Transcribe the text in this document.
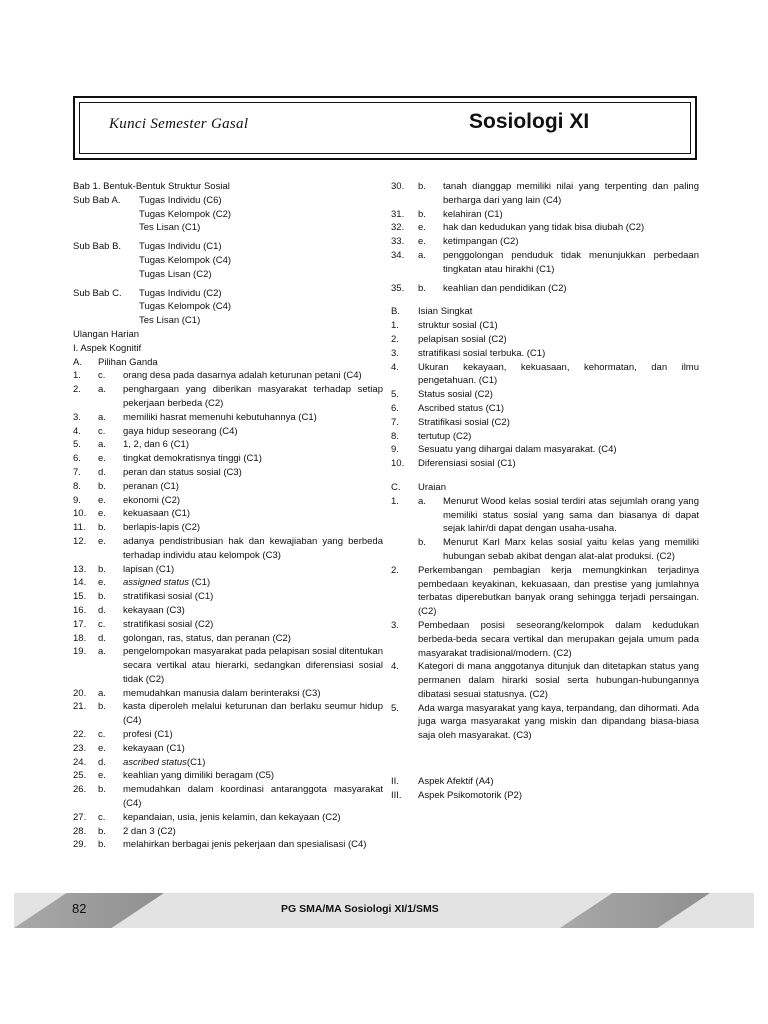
Kunci Semester Gasal	Sosiologi XI
Bab 1. Bentuk-Bentuk Struktur Sosial
Sub Bab A.	Tugas Individu (C6)
Tugas Kelompok (C2)
Tes Lisan (C1)
Sub Bab B.	Tugas Individu (C1)
Tugas Kelompok (C4)
Tugas Lisan (C2)
Sub Bab C.	Tugas Individu (C2)
Tugas Kelompok (C4)
Tes Lisan (C1)
Ulangan Harian
I. Aspek Kognitif
A.	Pilihan Ganda
1.	c.	orang desa pada dasarnya adalah keturunan petani (C4)
2.	a.	penghargaan yang diberikan masyarakat terhadap setiap pekerjaan berbeda (C2)
3.	a.	memiliki hasrat memenuhi kebutuhannya (C1)
4.	c.	gaya hidup seseorang (C4)
5.	a.	1, 2, dan 6 (C1)
6.	e.	tingkat demokratisnya tinggi (C1)
7.	d.	peran dan status sosial (C3)
8.	b.	peranan (C1)
9.	e.	ekonomi (C2)
10.	e.	kekuasaan (C1)
11.	b.	berlapis-lapis (C2)
12.	e.	adanya pendistribusian hak dan kewajiaban yang berbeda terhadap individu atau kelompok (C3)
13.	b.	lapisan (C1)
14.	e.	assigned status (C1)
15.	b.	stratifikasi sosial (C1)
16.	d.	kekayaan (C3)
17.	c.	stratifikasi sosial (C2)
18.	d.	golongan, ras, status, dan peranan (C2)
19.	a.	pengelompokan masyarakat pada pelapisan sosial ditentukan secara vertikal atau hierarki, sedangkan diferensiasi sosial tidak (C2)
20.	a.	memudahkan manusia dalam berinteraksi (C3)
21.	b.	kasta diperoleh melalui keturunan dan berlaku seumur hidup (C4)
22.	c.	profesi (C1)
23.	e.	kekayaan (C1)
24.	d.	ascribed status(C1)
25.	e.	keahlian yang dimiliki beragam (C5)
26.	b.	memudahkan dalam koordinasi antaranggota masyarakat (C4)
27.	c.	kepandaian, usia, jenis kelamin, dan kekayaan (C2)
28.	b.	2 dan 3 (C2)
29.	b.	melahirkan berbagai jenis pekerjaan dan spesialisasi (C4)
30.	b.	tanah dianggap memiliki nilai yang terpenting dan paling berharga dari yang lain (C4)
31.	b.	kelahiran (C1)
32.	e.	hak dan kedudukan yang tidak bisa diubah (C2)
33.	e.	ketimpangan (C2)
34.	a.	penggolongan penduduk tidak menunjukkan perbedaan tingkatan atau hirakhi (C1)
35.	b.	keahlian dan pendidikan (C2)
B.	Isian Singkat
1.	struktur sosial (C1)
2.	pelapisan sosial (C2)
3.	stratifikasi sosial terbuka. (C1)
4.	Ukuran kekayaan, kekuasaan, kehormatan, dan ilmu pengetahuan. (C1)
5.	Status sosial (C2)
6.	Ascribed status (C1)
7.	Stratifikasi sosial (C2)
8.	tertutup (C2)
9.	Sesuatu yang dihargai dalam masyarakat. (C4)
10.	Diferensiasi sosial (C1)
C.	Uraian
1.	a.	Menurut Wood kelas sosial terdiri atas sejumlah orang yang memiliki status sosial yang sama dan biasanya di dapat sejak lahir/di dapat dengan usaha-usaha.
b.	Menurut Karl Marx kelas sosial yaitu kelas yang memiliki hubungan sebab akibat dengan alat-alat produksi. (C2)
2.	Perkembangan pembagian kerja memungkinkan terjadinya pembedaan keyakinan, kekuasaan, dan prestise yang jumlahnya terbatas diperebutkan banyak orang sehingga terjadi persaingan. (C2)
3.	Pembedaan posisi seseorang/kelompok dalam kedudukan berbeda-beda secara vertikal dan merupakan gejala umum pada masyarakat tradisional/modern. (C2)
4.	Kategori di mana anggotanya ditunjuk dan ditetapkan status yang permanen dalam hirarki sosial serta hubungan-hubungannya dibatasi sesuai statusnya. (C2)
5.	Ada warga masyarakat yang kaya, terpandang, dan dihormati. Ada juga warga masyarakat yang miskin dan dipandang biasa-biasa saja oleh masyarakat. (C3)
II.	Aspek Afektif (A4)
III.	Aspek Psikomotorik (P2)
82	PG SMA/MA Sosiologi XI/1/SMS
